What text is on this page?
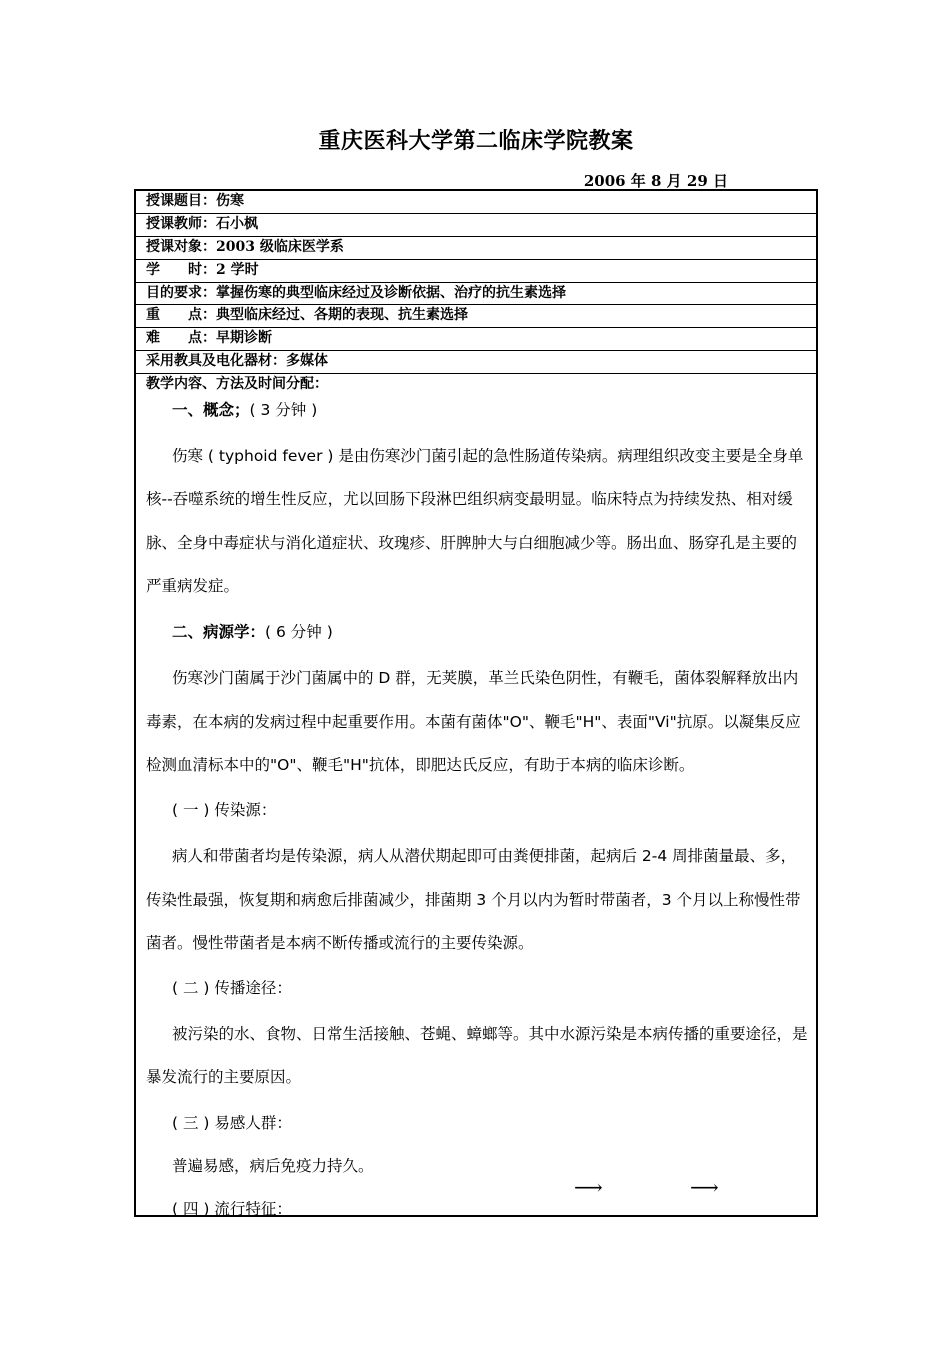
重庆医科大学第二临床学院教案
2006 年 8 月 29 日
授课题目：伤寒
授课教师：石小枫
授课对象：2003 级临床医学系
学　　时：2 学时
目的要求：掌握伤寒的典型临床经过及诊断依据、治疗的抗生素选择
重　　点：典型临床经过、各期的表现、抗生素选择
难　　点：早期诊断
采用教具及电化器材：多媒体
教学内容、方法及时间分配：
一、概念；( 3 分钟 )
伤寒 ( typhoid fever ) 是由伤寒沙门菌引起的急性肠道传染病。病理组织改变主要是全身单核--吞噬系统的增生性反应，尤以回肠下段淋巴组织病变最明显。临床特点为持续发热、相对缓脉、全身中毒症状与消化道症状、玫瑰疹、肝脾肿大与白细胞减少等。肠出血、肠穿孔是主要的严重病发症。
二、病源学：( 6 分钟 )
伤寒沙门菌属于沙门菌属中的 D 群，无荚膜，革兰氏染色阴性，有鞭毛，菌体裂解释放出内毒素，在本病的发病过程中起重要作用。本菌有菌体"O"、鞭毛"H"、表面"Vi"抗原。以凝集反应检测血清标本中的"O"、鞭毛"H"抗体，即肥达氏反应，有助于本病的临床诊断。
( 一 ) 传染源：
病人和带菌者均是传染源，病人从潜伏期起即可由粪便排菌，起病后 2-4 周排菌量最、多，传染性最强，恢复期和病愈后排菌减少，排菌期 3 个月以内为暂时带菌者，3 个月以上称慢性带菌者。慢性带菌者是本病不断传播或流行的主要传染源。
( 二 ) 传播途径：
被污染的水、食物、日常生活接触、苍蝇、蟑螂等。其中水源污染是本病传播的重要途径，是暴发流行的主要原因。
( 三 ) 易感人群：
普遍易感，病后免疫力持久。
( 四 ) 流行特征：
⟶	⟶
